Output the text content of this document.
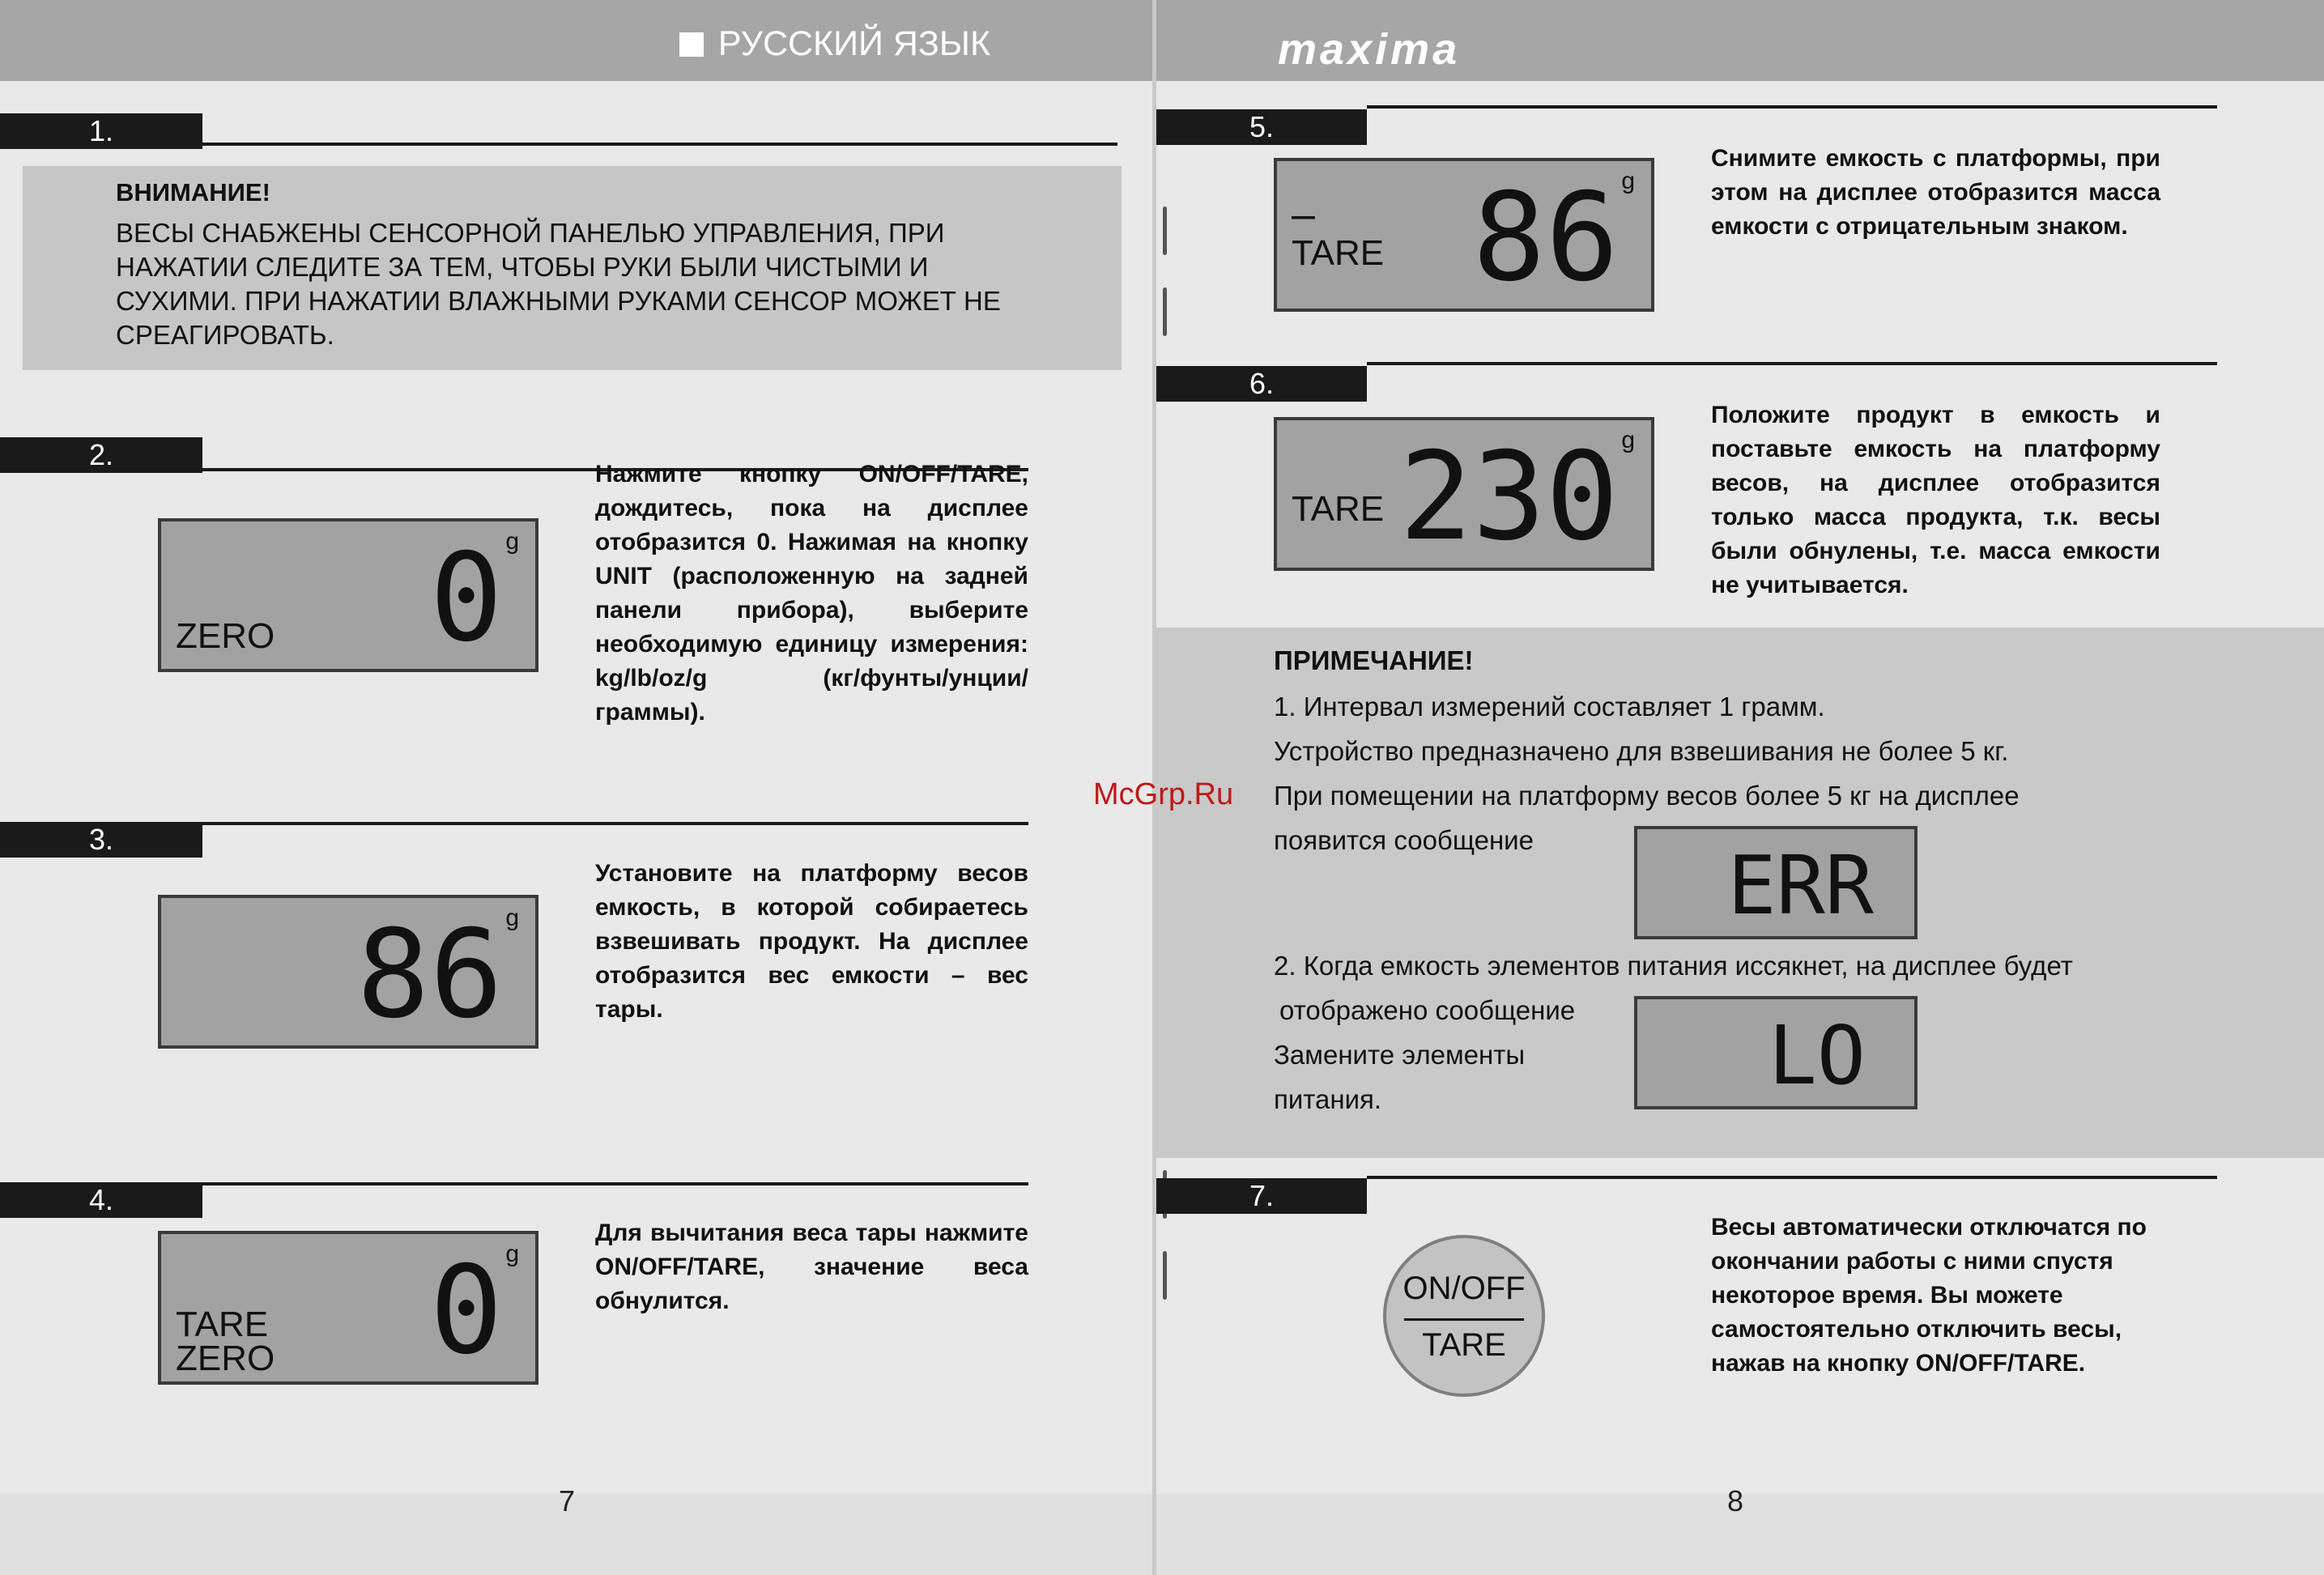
РУССКИЙ ЯЗЫК
1.
ВНИМАНИЕ!
ВЕСЫ СНАБЖЕНЫ СЕНСОРНОЙ ПАНЕЛЬЮ УПРАВЛЕНИЯ, ПРИ НАЖАТИИ СЛЕДИТЕ ЗА ТЕМ, ЧТОБЫ РУКИ БЫЛИ ЧИСТЫМИ И СУХИМИ. ПРИ НАЖАТИИ ВЛАЖНЫМИ РУКАМИ СЕНСОР МОЖЕТ НЕ СРЕАГИРОВАТЬ.
2.
g
ZERO 0
Нажмите кнопку ON/OFF/TARE, дождитесь, пока на дисплее отобразится 0. Нажимая на кнопку UNIT (расположенную на задней панели прибора), выберите необходимую единицу измерения: kg/lb/oz/g (кг/фунты/унции/граммы).
3.
g
86
Установите на платформу весов емкость, в которой собираетесь взвешивать продукт. На дисплее отобразится вес емкости – вес тары.
4.
g
TARE
ZERO 0
Для вычитания веса тары нажмите ON/OFF/TARE, значение веса обнулится.
7
maxima
5.
g
–
TARE 86
Снимите емкость с платформы, при этом на дисплее отобразится масса емкости с отрицательным знаком.
6.
g
TARE 230
Положите продукт в емкость и поставьте емкость на платформу весов, на дисплее отобразится только масса продукта, т.к. весы были обнулены, т.е. масса емкости не учитывается.
ПРИМЕЧАНИЕ!
1. Интервал измерений составляет 1 грамм.
Устройство предназначено для взвешивания не более 5 кг.
При помещении на платформу весов более 5 кг на дисплее
появится сообщение ERR
2. Когда емкость элементов питания иссякнет, на дисплее будет
отображено сообщение
Замените элементы
питания.	LO
7.
ON/OFF
TARE
Весы автоматически отключатся по окончании работы с ними спустя некоторое время. Вы можете самостоятельно отключить весы, нажав на кнопку ON/OFF/TARE.
8
McGrp.Ru
